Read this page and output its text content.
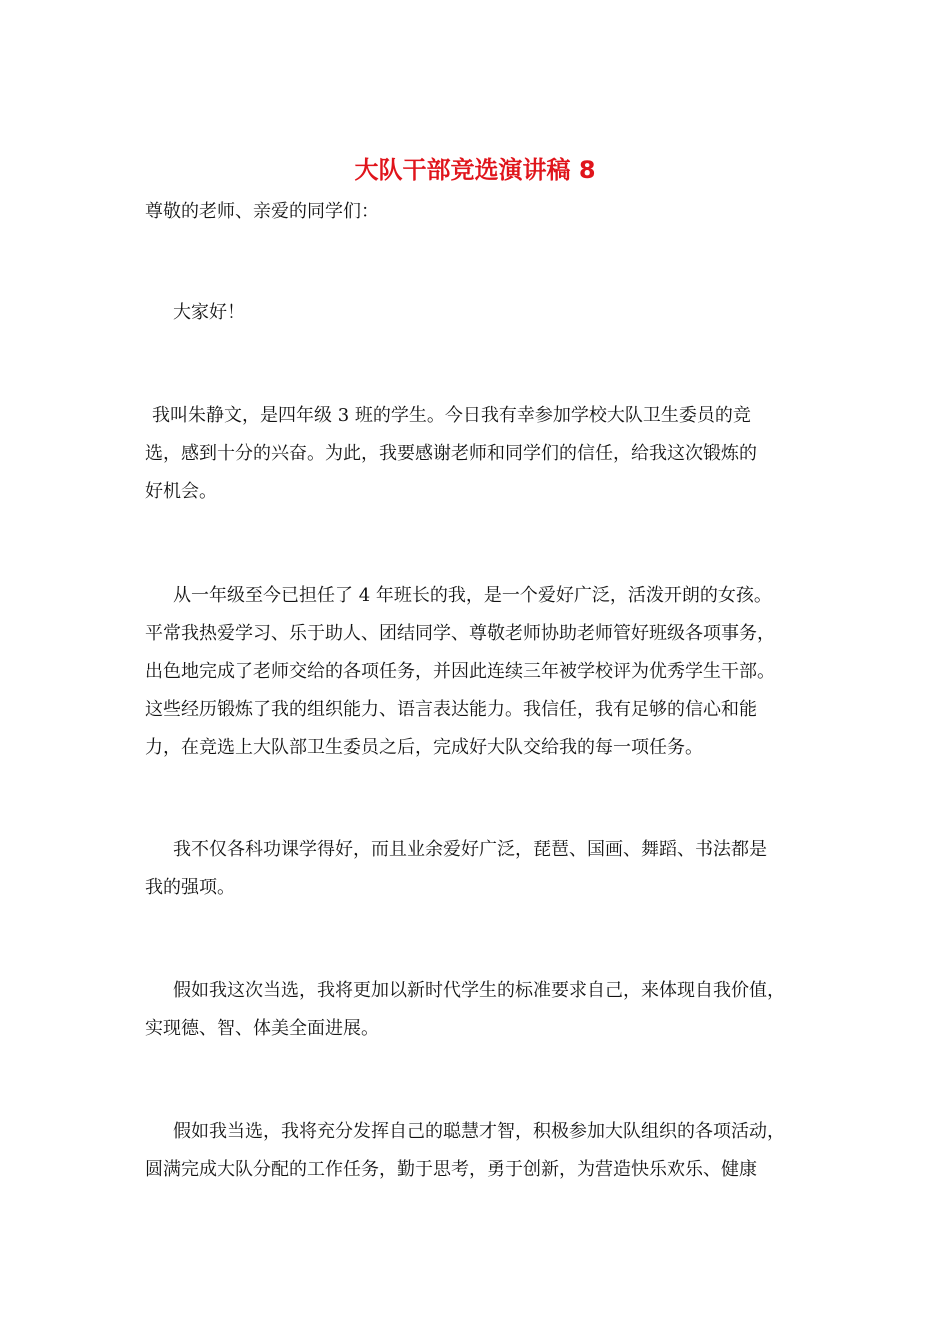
大队干部竞选演讲稿 8

尊敬的老师、亲爱的同学们：

大家好！

我叫朱静文，是四年级 3 班的学生。今日我有幸参加学校大队卫生委员的竞

选，感到十分的兴奋。为此，我要感谢老师和同学们的信任，给我这次锻炼的

好机会。

从一年级至今已担任了 4 年班长的我，是一个爱好广泛，活泼开朗的女孩。

平常我热爱学习、乐于助人、团结同学、尊敬老师协助老师管好班级各项事务，

出色地完成了老师交给的各项任务，并因此连续三年被学校评为优秀学生干部。

这些经历锻炼了我的组织能力、语言表达能力。我信任，我有足够的信心和能

力，在竞选上大队部卫生委员之后，完成好大队交给我的每一项任务。

我不仅各科功课学得好，而且业余爱好广泛，琵琶、国画、舞蹈、书法都是

我的强项。

假如我这次当选，我将更加以新时代学生的标准要求自己，来体现自我价值，

实现德、智、体美全面进展。

假如我当选，我将充分发挥自己的聪慧才智，积极参加大队组织的各项活动，

圆满完成大队分配的工作任务，勤于思考，勇于创新，为营造快乐欢乐、健康
